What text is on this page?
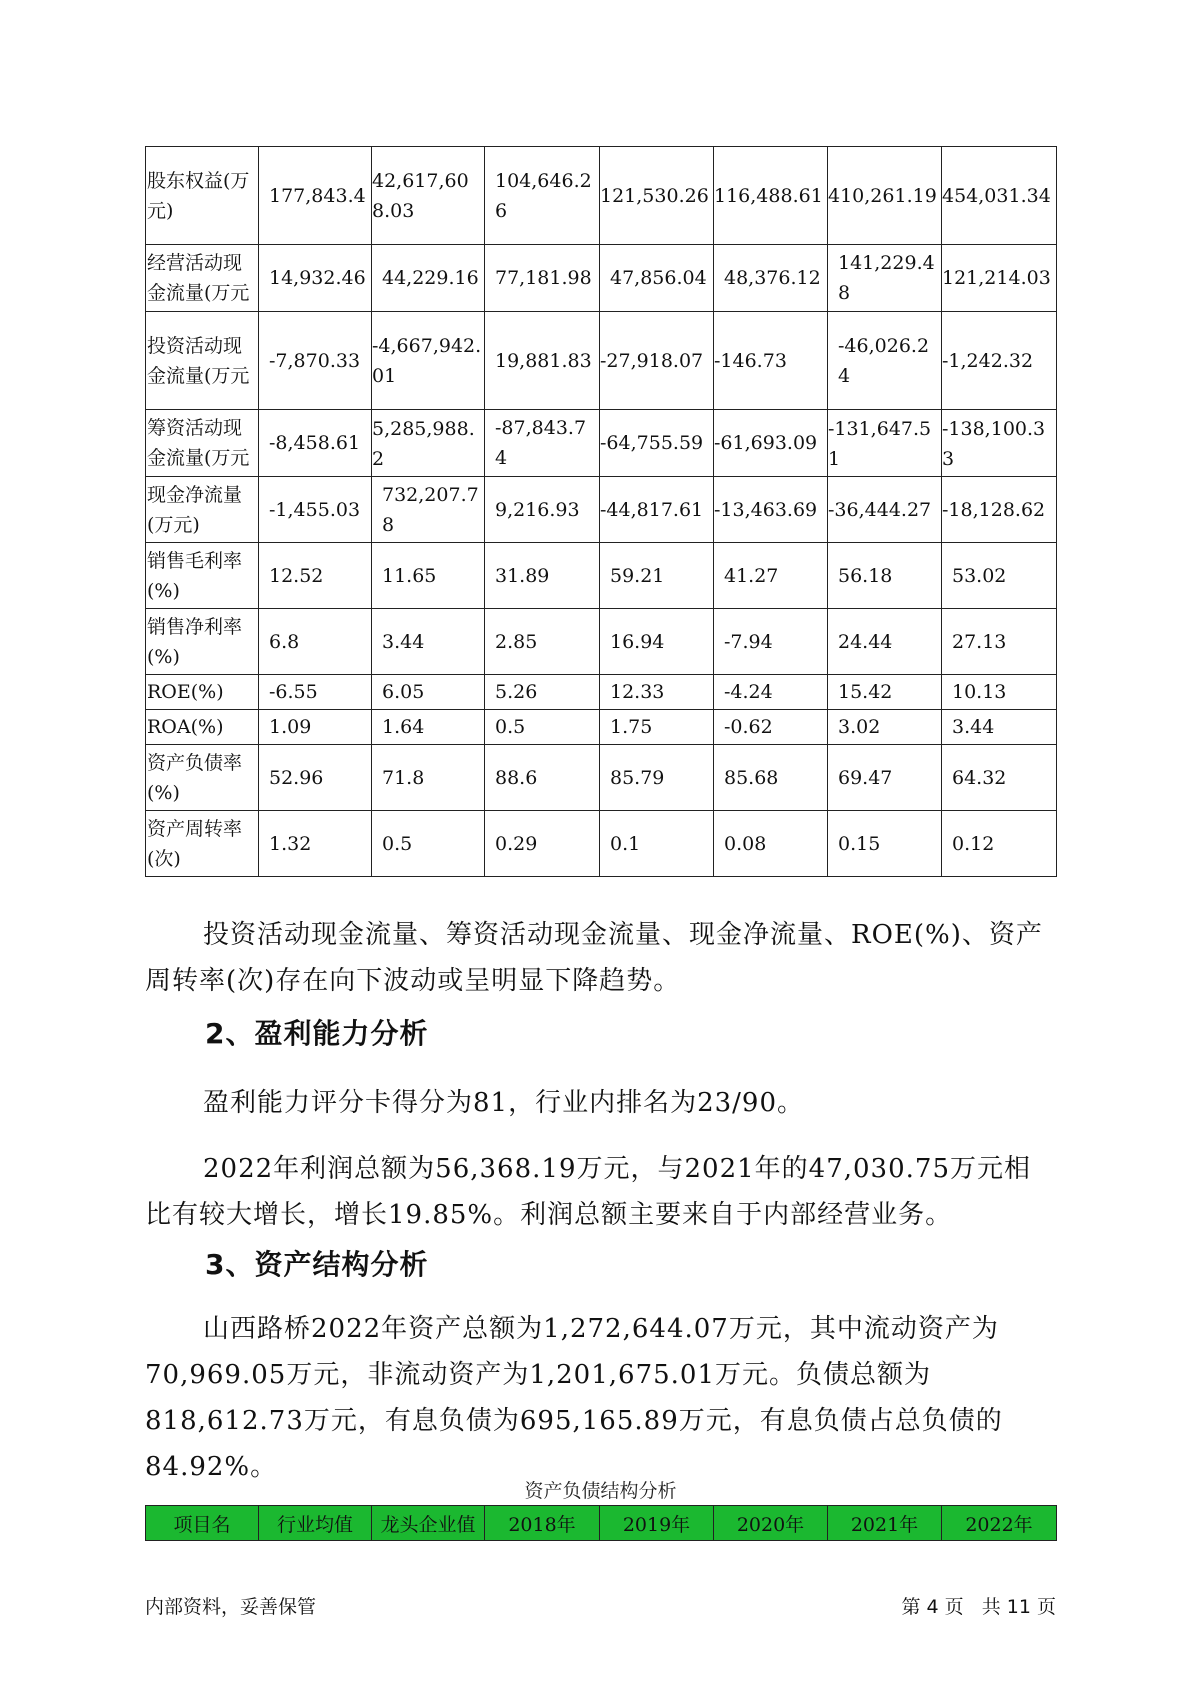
股东权益(万元)	177,843.4	42,617,608.03	104,646.26	121,530.26	116,488.61	410,261.19	454,031.34
经营活动现金流量(万元	14,932.46	44,229.16	77,181.98	47,856.04	48,376.12	141,229.48	121,214.03
投资活动现金流量(万元	-7,870.33	-4,667,942.01	19,881.83	-27,918.07	-146.73	-46,026.24	-1,242.32
筹资活动现金流量(万元	-8,458.61	5,285,988.2	-87,843.74	-64,755.59	-61,693.09	-131,647.51	-138,100.33
现金净流量(万元)	-1,455.03	732,207.78	9,216.93	-44,817.61	-13,463.69	-36,444.27	-18,128.62
销售毛利率(%)	12.52	11.65	31.89	59.21	41.27	56.18	53.02
销售净利率(%)	6.8	3.44	2.85	16.94	-7.94	24.44	27.13
ROE(%)	-6.55	6.05	5.26	12.33	-4.24	15.42	10.13
ROA(%)	1.09	1.64	0.5	1.75	-0.62	3.02	3.44
资产负债率(%)	52.96	71.8	88.6	85.79	85.68	69.47	64.32
资产周转率(次)	1.32	0.5	0.29	0.1	0.08	0.15	0.12
投资活动现金流量、筹资活动现金流量、现金净流量、ROE(%)、资产周转率(次)存在向下波动或呈明显下降趋势。
2、盈利能力分析
盈利能力评分卡得分为81，行业内排名为23/90。
2022年利润总额为56,368.19万元，与2021年的47,030.75万元相比有较大增长，增长19.85%。利润总额主要来自于内部经营业务。
3、资产结构分析
山西路桥2022年资产总额为1,272,644.07万元，其中流动资产为70,969.05万元，非流动资产为1,201,675.01万元。负债总额为818,612.73万元，有息负债为695,165.89万元，有息负债占总负债的84.92%。
资产负债结构分析
项目名	行业均值	龙头企业值	2018年	2019年	2020年	2021年	2022年
内部资料，妥善保管	第 4 页   共 11 页
